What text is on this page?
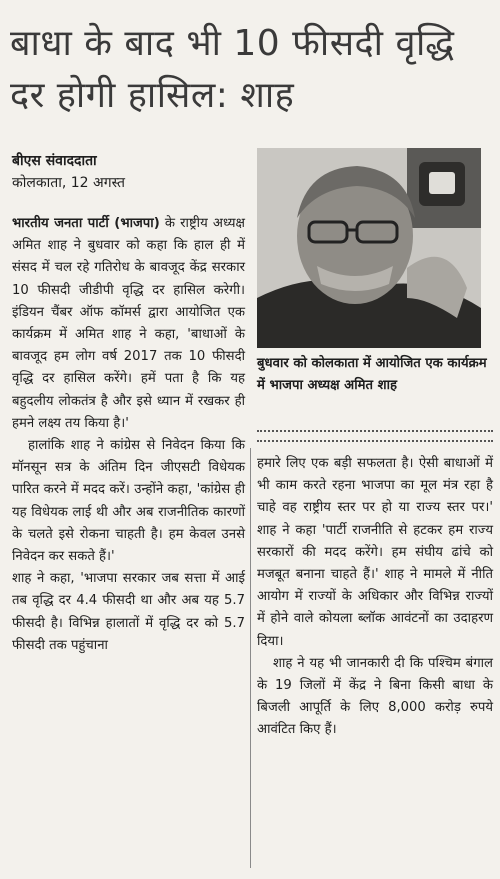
बाधा के बाद भी 10 फीसदी वृद्धि दर होगी हासिल: शाह
बीएस संवाददाता
कोलकाता, 12 अगस्त

भारतीय जनता पार्टी (भाजपा) के राष्ट्रीय अध्यक्ष अमित शाह ने बुधवार को कहा कि हाल ही में संसद में चल रहे गतिरोध के बावजूद केंद्र सरकार 10 फीसदी जीडीपी वृद्धि दर हासिल करेगी। इंडियन चैंबर ऑफ कॉमर्स द्वारा आयोजित एक कार्यक्रम में अमित शाह ने कहा, 'बाधाओं के बावजूद हम लोग वर्ष 2017 तक 10 फीसदी वृद्धि दर हासिल करेंगे। हमें पता है कि यह बहुदलीय लोकतंत्र है और इसे ध्यान में रखकर ही हमने लक्ष्य तय किया है।'

हालांकि शाह ने कांग्रेस से निवेदन किया कि मॉनसून सत्र के अंतिम दिन जीएसटी विधेयक पारित करने में मदद करें। उन्होंने कहा, 'कांग्रेस ही यह विधेयक लाई थी और अब राजनीतिक कारणों के चलते इसे रोकना चाहती है। हम केवल उनसे निवेदन कर सकते हैं।'

शाह ने कहा, 'भाजपा सरकार जब सत्ता में आई तब वृद्धि दर 4.4 फीसदी था और अब यह 5.7 फीसदी है। विभिन्न हालातों में वृद्धि दर को 5.7 फीसदी तक पहुंचाना

बुधवार को कोलकाता में आयोजित एक कार्यक्रम में भाजपा अध्यक्ष अमित शाह

हमारे लिए एक बड़ी सफलता है। ऐसी बाधाओं में भी काम करते रहना भाजपा का मूल मंत्र रहा है चाहे वह राष्ट्रीय स्तर पर हो या राज्य स्तर पर।' शाह ने कहा 'पार्टी राजनीति से हटकर हम राज्य सरकारों की मदद करेंगे। हम संघीय ढांचे को मजबूत बनाना चाहते हैं।' शाह ने मामले में नीति आयोग में राज्यों के अधिकार और विभिन्न राज्यों में होने वाले कोयला ब्लॉक आवंटनों का उदाहरण दिया।

शाह ने यह भी जानकारी दी कि पश्चिम बंगाल के 19 जिलों में केंद्र ने बिना किसी बाधा के बिजली आपूर्ति के लिए 8,000 करोड़ रुपये आवंटित किए हैं।
